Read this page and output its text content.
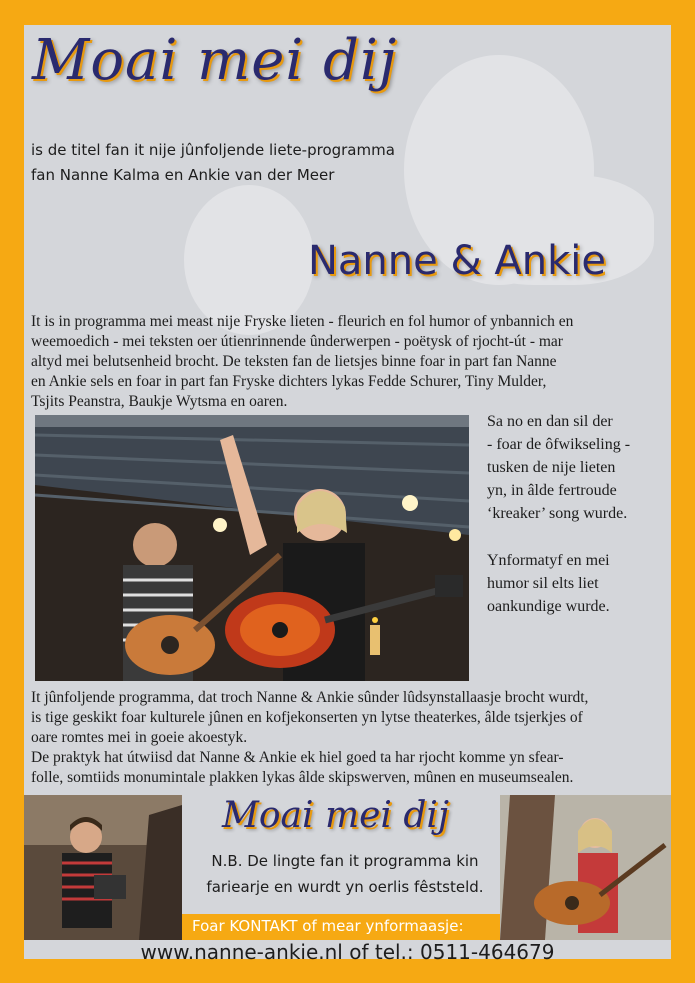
Moai mei dij
is de titel fan it nije jûnfoljende liete-programma
fan Nanne Kalma en Ankie van der Meer
Nanne & Ankie
It is in programma mei meast nije Fryske lieten - fleurich en fol humor of ynbannich en
weemoedich - mei teksten oer útienrinnende ûnderwerpen - poëtysk of rjocht-út - mar
altyd mei belutsenheid brocht. De teksten fan de lietsjes binne foar in part fan Nanne
en Ankie sels en foar in part fan Fryske dichters lykas Fedde Schurer, Tiny Mulder,
Tsjits Peanstra, Baukje Wytsma en oaren.

Sa no en dan sil der
- foar de ôfwikseling -
tusken de nije lieten
yn, in âlde fertroude
‘kreaker’ song wurde.

Ynformatyf en mei
humor sil elts liet
oankundige wurde.

It jûnfoljende programma, dat troch Nanne & Ankie sûnder lûdsynstallaasje brocht wurdt,
is tige geskikt foar kulturele jûnen en kofjekonserten yn lytse theaterkes, âlde tsjerkjes of
oare romtes mei in goeie akoestyk.
De praktyk hat útwiisd dat Nanne & Ankie ek hiel goed ta har rjocht komme yn sfear-
folle, somtiids monumintale plakken lykas âlde skipswerven, mûnen en museumsealen.
Moai mei dij
N.B. De lingte fan it programma kin
fariearje en wurdt yn oerlis fêststeld.
Foar KONTAKT of mear ynformaasje:
www.nanne-ankie.nl of tel.: 0511-464679
